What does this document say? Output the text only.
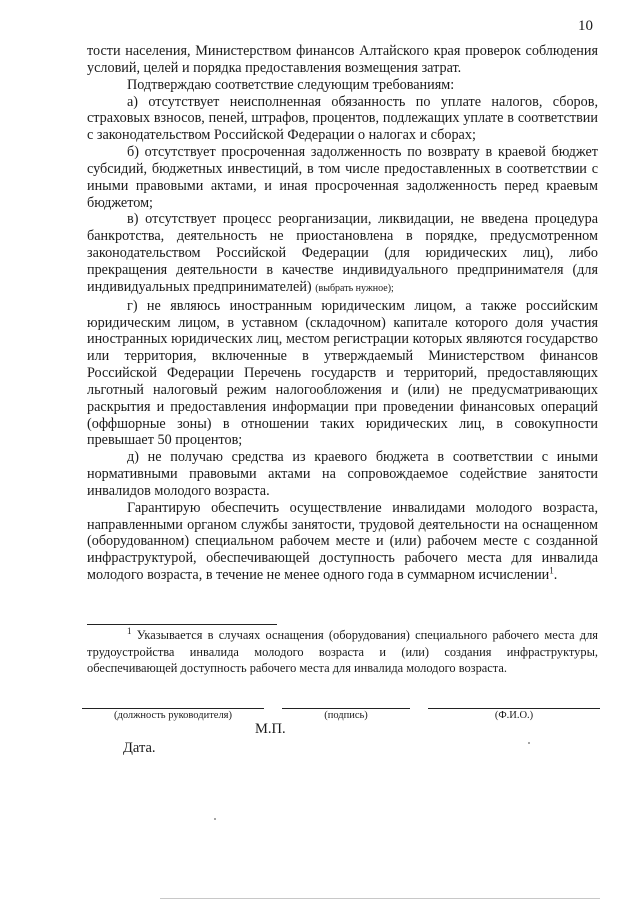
10

тости населения, Министерством финансов Алтайского края проверок соблюдения условий, целей и порядка предоставления возмещения затрат.

Подтверждаю соответствие следующим требованиям:

а) отсутствует неисполненная обязанность по уплате налогов, сборов, страховых взносов, пеней, штрафов, процентов, подлежащих уплате в соответствии с законодательством Российской Федерации о налогах и сборах;

б) отсутствует просроченная задолженность по возврату в краевой бюджет субсидий, бюджетных инвестиций, в том числе предоставленных в соответствии с иными правовыми актами, и иная просроченная задолженность перед краевым бюджетом;

в) отсутствует процесс реорганизации, ликвидации, не введена процедура банкротства, деятельность не приостановлена в порядке, предусмотренном законодательством Российской Федерации (для юридических лиц), либо прекращения деятельности в качестве индивидуального предпринимателя (для индивидуальных предпринимателей) (выбрать нужное);

г) не являюсь иностранным юридическим лицом, а также российским юридическим лицом, в уставном (складочном) капитале которого доля участия иностранных юридических лиц, местом регистрации которых являются государство или территория, включенные в утверждаемый Министерством финансов Российской Федерации Перечень государств и территорий, предоставляющих льготный налоговый режим налогообложения и (или) не предусматривающих раскрытия и предоставления информации при проведении финансовых операций (оффшорные зоны) в отношении таких юридических лиц, в совокупности превышает 50 процентов;

д) не получаю средства из краевого бюджета в соответствии с иными нормативными правовыми актами на сопровождаемое содействие занятости инвалидов молодого возраста.

Гарантирую обеспечить осуществление инвалидами молодого возраста, направленными органом службы занятости, трудовой деятельности на оснащенном (оборудованном) специальном рабочем месте и (или) рабочем месте с созданной инфраструктурой, обеспечивающей доступность рабочего места для инвалида молодого возраста, в течение не менее одного года в суммарном исчислении$^1$.

$^1$ Указывается в случаях оснащения (оборудования) специального рабочего места для трудоустройства инвалида молодого возраста и (или) создания инфраструктуры, обеспечивающей доступность рабочего места для инвалида молодого возраста.

(должность руководителя)	(подпись)	(Ф.И.О.)
М.П.
Дата.
